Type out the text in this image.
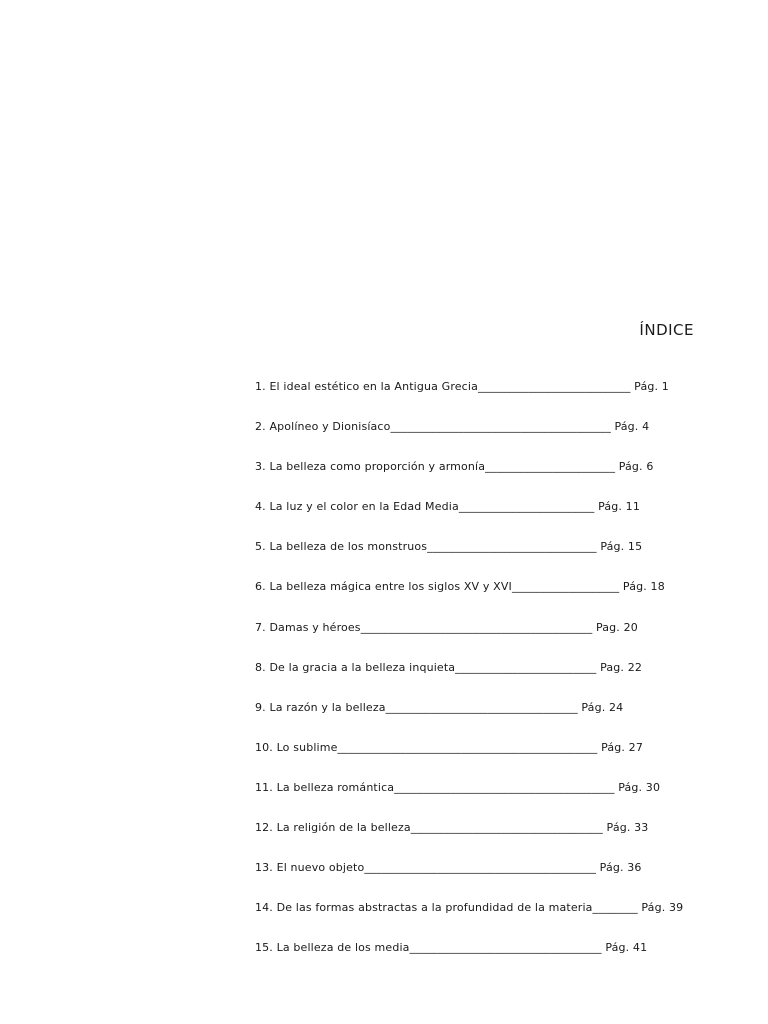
ÍNDICE
1. El ideal estético en la Antigua Grecia___________________________ Pág. 1
2. Apolíneo y Dionisíaco_______________________________________ Pág. 4
3. La belleza como proporción y armonía_______________________ Pág. 6
4. La luz y el color en la Edad Media________________________ Pág. 11
5. La belleza de los monstruos______________________________ Pág. 15
6. La belleza mágica entre los siglos XV y XVI___________________ Pág. 18
7. Damas y héroes_________________________________________ Pag. 20
8. De la gracia a la belleza inquieta_________________________ Pag. 22
9. La razón y la belleza__________________________________ Pág. 24
10. Lo sublime______________________________________________ Pág. 27
11. La belleza romántica_______________________________________ Pág. 30
12. La religión de la belleza__________________________________ Pág. 33
13. El nuevo objeto_________________________________________ Pág. 36
14. De las formas abstractas a la profundidad de la materia________ Pág. 39
15. La belleza de los media__________________________________ Pág. 41
